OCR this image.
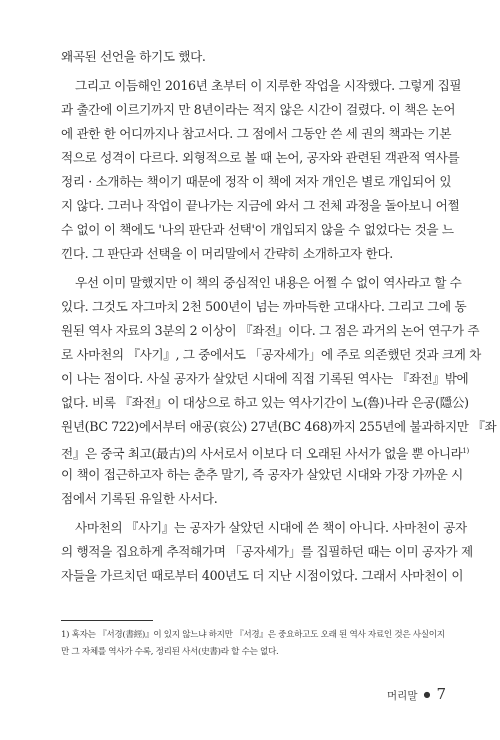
왜곡된 선언을 하기도 했다.
그리고 이듬해인 2016년 초부터 이 지루한 작업을 시작했다. 그렇게 집필
과 출간에 이르기까지 만 8년이라는 적지 않은 시간이 걸렸다. 이 책은 논어
에 관한 한 어디까지나 참고서다. 그 점에서 그동안 쓴 세 권의 책과는 기본
적으로 성격이 다르다. 외형적으로 볼 때 논어, 공자와 관련된 객관적 역사를
정리 · 소개하는 책이기 때문에 정작 이 책에 저자 개인은 별로 개입되어 있
지 않다. 그러나 작업이 끝나가는 지금에 와서 그 전체 과정을 돌아보니 어쩔
수 없이 이 책에도 '나의 판단과 선택'이 개입되지 않을 수 없었다는 것을 느
낀다. 그 판단과 선택을 이 머리말에서 간략히 소개하고자 한다.
우선 이미 말했지만 이 책의 중심적인 내용은 어쩔 수 없이 역사라고 할 수
있다. 그것도 자그마치 2천 500년이 넘는 까마득한 고대사다. 그리고 그에 동
원된 역사 자료의 3분의 2 이상이 『좌전』이다. 그 점은 과거의 논어 연구가 주
로 사마천의 『사기』, 그 중에서도 「공자세가」에 주로 의존했던 것과 크게 차
이 나는 점이다. 사실 공자가 살았던 시대에 직접 기록된 역사는 『좌전』밖에
없다. 비록 『좌전』이 대상으로 하고 있는 역사기간이 노(魯)나라 은공(隱公)
원년(BC 722)에서부터 애공(哀公) 27년(BC 468)까지 255년에 불과하지만 『좌
전』은 중국 최고(最古)의 사서로서 이보다 더 오래된 사서가 없을 뿐 아니라$^{1)}$
이 책이 접근하고자 하는 춘추 말기, 즉 공자가 살았던 시대와 가장 가까운 시
점에서 기록된 유일한 사서다.
사마천의 『사기』는 공자가 살았던 시대에 쓴 책이 아니다. 사마천이 공자
의 행적을 집요하게 추적해가며 「공자세가」를 집필하던 때는 이미 공자가 제
자들을 가르치던 때로부터 400년도 더 지난 시점이었다. 그래서 사마천이 이
1) 혹자는 『서경(書經)』이 있지 않느냐 하지만 『서경』은 중요하고도 오래 된 역사 자료인 것은 사실이지
만 그 자체를 역사가 수록, 정리된 사서(史書)라 할 수는 없다.
머리말 ● 7
